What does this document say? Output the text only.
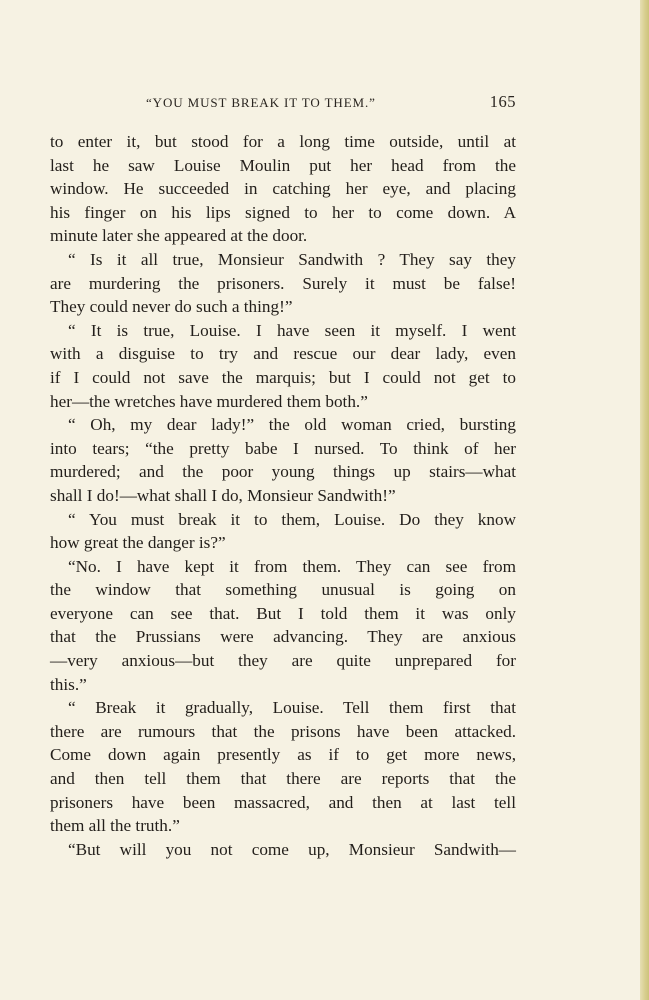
“YOU MUST BREAK IT TO THEM.”	165
to enter it, but stood for a long time outside, until at
last he saw Louise Moulin put her head from the
window. He succeeded in catching her eye, and placing
his finger on his lips signed to her to come down. A
minute later she appeared at the door.
“ Is it all true, Monsieur Sandwith ? They say they
are murdering the prisoners. Surely it must be false!
They could never do such a thing!”
“ It is true, Louise. I have seen it myself. I went
with a disguise to try and rescue our dear lady, even
if I could not save the marquis; but I could not get to
her—the wretches have murdered them both.”
“ Oh, my dear lady!” the old woman cried, bursting
into tears; “the pretty babe I nursed. To think of her
murdered; and the poor young things up stairs—what
shall I do!—what shall I do, Monsieur Sandwith!”
“ You must break it to them, Louise. Do they know
how great the danger is?”
“No. I have kept it from them. They can see from
the window that something unusual is going on
everyone can see that. But I told them it was only
that the Prussians were advancing. They are anxious
—very anxious—but they are quite unprepared for
this.”
“ Break it gradually, Louise. Tell them first that
there are rumours that the prisons have been attacked.
Come down again presently as if to get more news,
and then tell them that there are reports that the
prisoners have been massacred, and then at last tell
them all the truth.”
“But will you not come up, Monsieur Sandwith—
